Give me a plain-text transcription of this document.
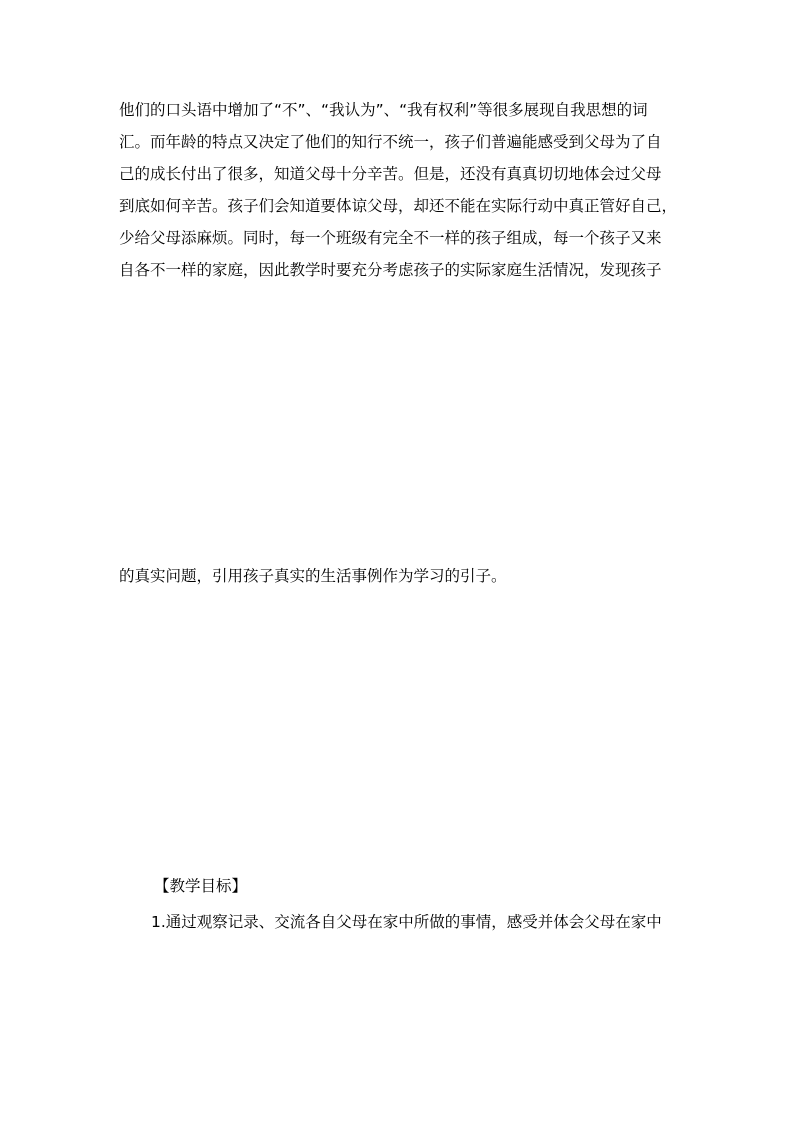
他们的口头语中增加了“不”、“我认为”、“我有权利”等很多展现自我思想的词
汇。而年龄的特点又决定了他们的知行不统一，孩子们普遍能感受到父母为了自
己的成长付出了很多，知道父母十分辛苦。但是，还没有真真切切地体会过父母
到底如何辛苦。孩子们会知道要体谅父母，却还不能在实际行动中真正管好自己，
少给父母添麻烦。同时，每一个班级有完全不一样的孩子组成，每一个孩子又来
自各不一样的家庭，因此教学时要充分考虑孩子的实际家庭生活情况，发现孩子
的真实问题，引用孩子真实的生活事例作为学习的引子。
【教学目标】
1.通过观察记录、交流各自父母在家中所做的事情，感受并体会父母在家中
